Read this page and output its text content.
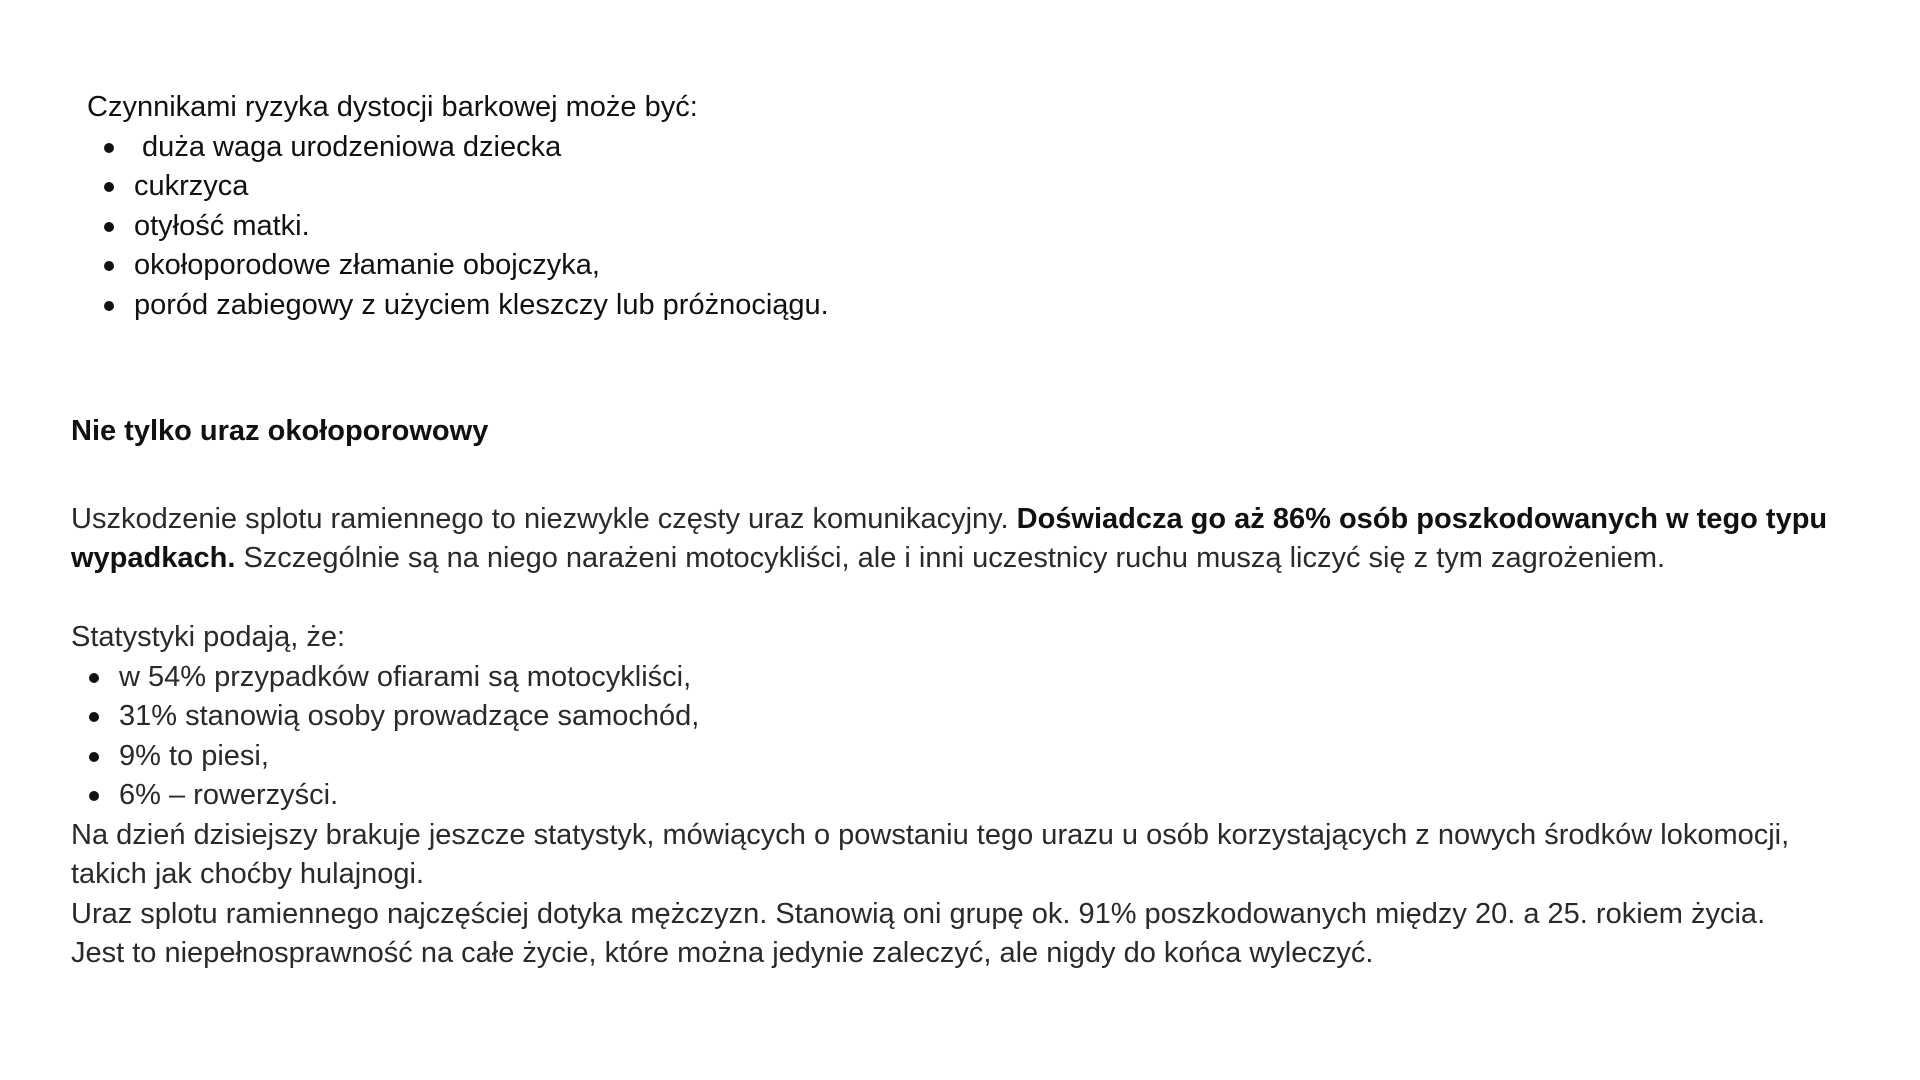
Czynnikami ryzyka dystocji barkowej może być:

duża waga urodzeniowa dziecka
cukrzyca
otyłość matki.
okołoporodowe złamanie obojczyka,
poród zabiegowy z użyciem kleszczy lub próżnociągu.
Nie tylko uraz okołoporowowy

Uszkodzenie splotu ramiennego to niezwykle częsty uraz komunikacyjny. Doświadcza go aż 86% osób poszkodowanych w tego typu wypadkach. Szczególnie są na niego narażeni motocykliści, ale i inni uczestnicy ruchu muszą liczyć się z tym zagrożeniem.

Statystyki podają, że:

w 54% przypadków ofiarami są motocykliści,
31% stanowią osoby prowadzące samochód,
9% to piesi,
6% – rowerzyści.

Na dzień dzisiejszy brakuje jeszcze statystyk, mówiących o powstaniu tego urazu u osób korzystających z nowych środków lokomocji, takich jak choćby hulajnogi.

Uraz splotu ramiennego najczęściej dotyka mężczyzn. Stanowią oni grupę ok. 91% poszkodowanych między 20. a 25. rokiem życia.

Jest to niepełnosprawność na całe życie, które można jedynie zaleczyć, ale nigdy do końca wyleczyć.
